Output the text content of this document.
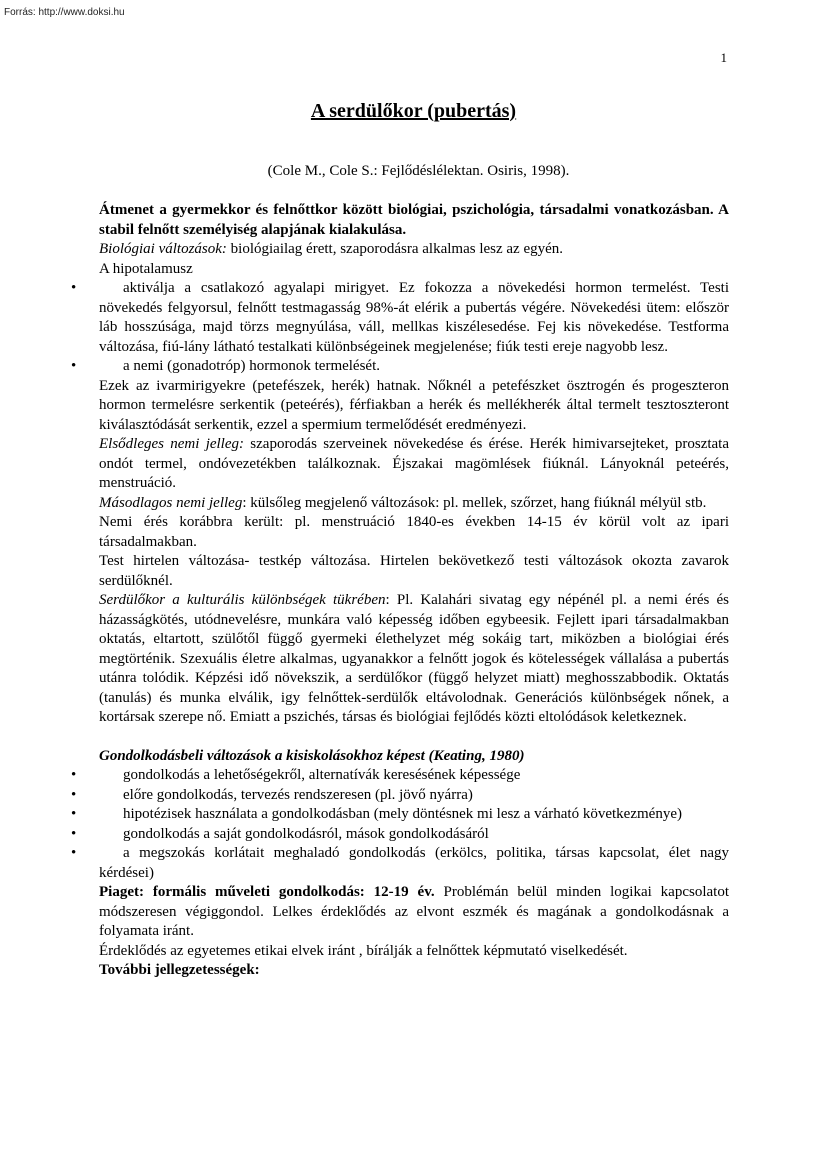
Forrás: http://www.doksi.hu
1
A serdülőkor (pubertás)
(Cole M., Cole S.: Fejlődéslélektan. Osiris, 1998).

Átmenet a gyermekkor és felnőttkor között biológiai, pszichológia, társadalmi vonatkozásban. A stabil felnőtt személyiség alapjának kialakulása.

Biológiai változások: biológiailag érett, szaporodásra alkalmas lesz az egyén.

A hipotalamusz

•	aktiválja a csatlakozó agyalapi mirigyet. Ez fokozza a növekedési hormon termelést. Testi növekedés felgyorsul, felnőtt testmagasság 98%-át elérik a pubertás végére. Növekedési ütem: először láb hosszúsága, majd törzs megnyúlása, váll, mellkas kiszélesedése. Fej kis növekedése. Testforma változása, fiú-lány látható testalkati különbségeinek megjelenése; fiúk testi ereje nagyobb lesz.

•	a nemi (gonadotróp) hormonok termelését.

Ezek az ivarmirigyekre (petefészek, herék) hatnak. Nőknél a petefészket ösztrogén és progeszteron hormon termelésre serkentik (peteérés), férfiakban a herék és mellékherék által termelt tesztoszteront kiválasztódását serkentik, ezzel a spermium termelődését eredményezi.

Elsődleges nemi jelleg: szaporodás szerveinek növekedése és érése. Herék himivarsejteket, prosztata ondót termel, ondóvezetékben találkoznak. Éjszakai magömlések fiúknál. Lányoknál peteérés, menstruáció.

Másodlagos nemi jelleg: külsőleg megjelenő változások: pl. mellek, szőrzet, hang fiúknál mélyül stb.

Nemi érés korábbra került: pl. menstruáció 1840-es években 14-15 év körül volt az ipari társadalmakban.

Test hirtelen változása- testkép változása. Hirtelen bekövetkező testi változások okozta zavarok serdülőknél.

Serdülőkor a kulturális különbségek tükrében: Pl. Kalahári sivatag egy népénél pl. a nemi érés és házasságkötés, utódnevelésre, munkára való képesség időben egybeesik. Fejlett ipari társadalmakban oktatás, eltartott, szülőtől függő gyermeki élethelyzet még sokáig tart, miközben a biológiai érés megtörténik. Szexuális életre alkalmas, ugyanakkor a felnőtt jogok és kötelességek vállalása a pubertás utánra tolódik. Képzési idő növekszik, a serdülőkor (függő helyzet miatt) meghosszabbodik. Oktatás (tanulás) és munka elválik, igy felnőttek-serdülők eltávolodnak. Generációs különbségek nőnek, a kortársak szerepe nő. Emiatt a pszichés, társas és biológiai fejlődés közti eltolódások keletkeznek.

Gondolkodásbeli változások a kisiskolásokhoz képest (Keating, 1980)

•	gondolkodás a lehetőségekről, alternatívák keresésének képessége

•	előre gondolkodás, tervezés rendszeresen (pl. jövő nyárra)

•	hipotézisek használata a gondolkodásban (mely döntésnek mi lesz a várható következménye)

•	gondolkodás a saját gondolkodásról, mások gondolkodásáról

•	a megszokás korlátait meghaladó gondolkodás (erkölcs, politika, társas kapcsolat, élet nagy kérdései)

Piaget: formális műveleti gondolkodás: 12-19 év. Problémán belül minden logikai kapcsolatot módszeresen végiggondol. Lelkes érdeklődés az elvont eszmék és magának a gondolkodásnak a folyamata iránt.

Érdeklődés az egyetemes etikai elvek iránt , bírálják a felnőttek képmutató viselkedését.

További jellegzetességek:
